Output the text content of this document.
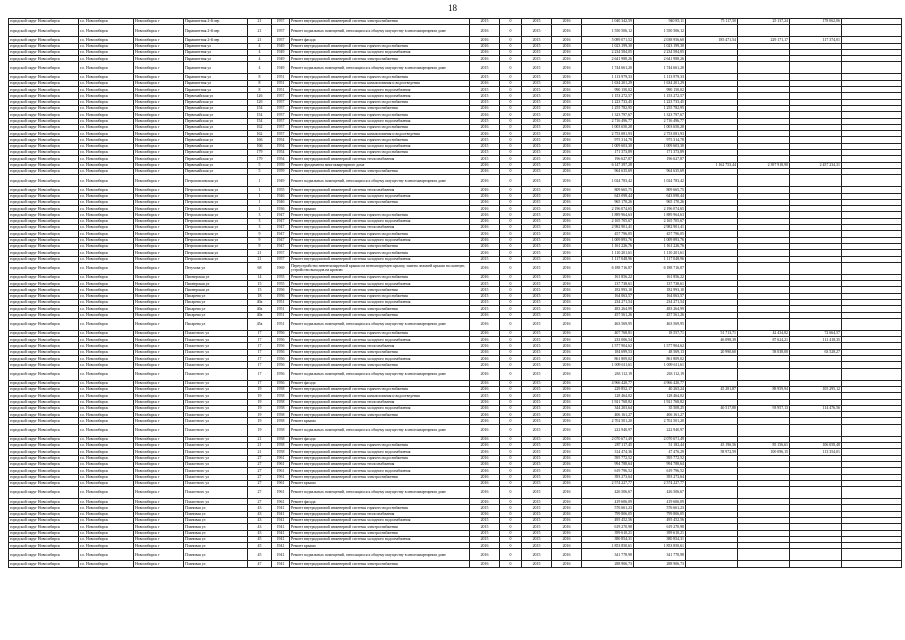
18
городской округ Новосибирск	г.о. Новосибирск	Новосибирск г	Парашютная 2-й пер	21	1957	Ремонт внутридомовой инженерной системы электроснабжения	2015	0	2015	2016	1 040 342,59	940 85,11	75 117,50	25 137,24	178 062,06	
городской округ Новосибирск	г.о. Новосибирск	Новосибирск г	Парашютная 2-й пер	21	1957	Ремонт подвальных помещений, относящихся к общему имуществу в многоквартирном доме	2016	0	2015	2016	1 550 506,12	1 550 506,12				
городской округ Новосибирск	г.о. Новосибирск	Новосибирск г	Парашютная 2-й пер	21	1957	Ремонт фасада	2016	0	2015	2016	5 089 071,52	2 038 956,60	185 471,54	229 171,17	117 374,01	
городской округ Новосибирск	г.о. Новосибирск	Новосибирск г	Парашютная ул	4	1949	Ремонт внутридомовой инженерной системы горячего водоснабжения	2016	0	2015	2016	1 023 199,30	1 023 199,30				
городской округ Новосибирск	г.о. Новосибирск	Новосибирск г	Парашютная ул	4	1949	Ремонт внутридомовой инженерной системы холодного водоснабжения	2016	0	2015	2016	2 234 584,05	2 234 584,05				
городской округ Новосибирск	г.о. Новосибирск	Новосибирск г	Парашютная ул	4	1949	Ремонт внутридомовой инженерной системы электроснабжения	2016	0	2015	2016	2 641 988,26	2 641 988,26				
городской округ Новосибирск	г.о. Новосибирск	Новосибирск г	Парашютная ул	4	1949	Ремонт подвальных помещений, относящихся к общему имуществу в многоквартирном доме	2015	0	2015	2016	1 744 661,20	1 744 661,20				
городской округ Новосибирск	г.о. Новосибирск	Новосибирск г	Парашютная ул	8	1951	Ремонт внутридомовой инженерной системы горячего водоснабжения	2015	0	2015	2016	1 113 979,33	1 113 979,33				
городской округ Новосибирск	г.о. Новосибирск	Новосибирск г	Парашютная ул	8	1951	Ремонт внутридомовой инженерной системы канализования и водоотведения	2016	0	2015	2016	1 634 201,29	1 634 201,29				
городской округ Новосибирск	г.о. Новосибирск	Новосибирск г	Парашютная ул	8	1951	Ремонт внутридомовой инженерной системы холодного водоснабжения	2015	0	2015	2016	990 150,02	990 150,02				
городской округ Новосибирск	г.о. Новосибирск	Новосибирск г	Первомайская ул	126	1957	Ремонт внутридомовой инженерной системы холодного водоснабжения	2015	0	2015	2016	1 153 272,57	1 153 272,57				
городской округ Новосибирск	г.о. Новосибирск	Новосибирск г	Первомайская ул	126	1957	Ремонт внутридомовой инженерной системы горячего водоснабжения	2015	0	2015	2016	1 223 733,45	1 223 733,45				
городской округ Новосибирск	г.о. Новосибирск	Новосибирск г	Первомайская ул	154	1957	Ремонт внутридомовой инженерной системы электроснабжения	2016	0	2015	2016	1 255 782,95	1 255 782,95				
городской округ Новосибирск	г.о. Новосибирск	Новосибирск г	Первомайская ул	154	1957	Ремонт внутридомовой инженерной системы горячего водоснабжения	2016	0	2015	2016	1 323 797,67	1 323 797,67				
городской округ Новосибирск	г.о. Новосибирск	Новосибирск г	Первомайская ул	154	1957	Ремонт внутридомовой инженерной системы холодного водоснабжения	2015	0	2015	2016	2 716 496,77	2 716 496,77				
городской округ Новосибирск	г.о. Новосибирск	Новосибирск г	Первомайская ул	162	1957	Ремонт внутридомовой инженерной системы горячего водоснабжения	2016	0	2015	2016	1 003 650,28	1 003 650,28				
городской округ Новосибирск	г.о. Новосибирск	Новосибирск г	Первомайская ул	162	1957	Ремонт внутридомовой инженерной системы канализования и водоотведения	2016	0	2015	2016	2 753 081,93	2 753 081,93				
городской округ Новосибирск	г.о. Новосибирск	Новосибирск г	Первомайская ул	166	1954	Ремонт внутридомовой инженерной системы горячего водоснабжения	2015	0	2015	2016	975 314,78	975 314,78				
городской округ Новосибирск	г.о. Новосибирск	Новосибирск г	Первомайская ул	166	1954	Ремонт внутридомовой инженерной системы холодного водоснабжения	2015	0	2015	2016	1 009 603,30	1 009 603,30				
городской округ Новосибирск	г.о. Новосибирск	Новосибирск г	Первомайская ул	179	1954	Ремонт внутридомовой инженерной системы горячего водоснабжения	2015	0	2015	2016	171 373,89	171 373,89				
городской округ Новосибирск	г.о. Новосибирск	Новосибирск г	Первомайская ул	179	1954	Ремонт внутридомовой инженерной системы теплоснабжения	2015	0	2015	2016	196 627,87	196 627,87				
городской округ Новосибирск	г.о. Новосибирск	Новосибирск г	Первомайская ул	5	1959	Ремонт фундамента многоквартирного дома	2016	0	2015	2016	6 147 397,28		1 162 753,44	2 397 918,90	2 457 234,31	
городской округ Новосибирск	г.о. Новосибирск	Новосибирск г	Первомайская ул	5	1959	Ремонт внутридомовой инженерной системы электроснабжения	2016	0	2015	2016	964 635,69	964 635,69				
городской округ Новосибирск	г.о. Новосибирск	Новосибирск г	Петропавловская ул	1	1949	Ремонт подвальных помещений, относящихся к общему имуществу в многоквартирном доме	2016	0	2015	2016	1 024 783,42	1 024 783,42				
городской округ Новосибирск	г.о. Новосибирск	Новосибирск г	Петропавловская ул	1	1955	Ремонт внутридомовой инженерной системы теплоснабжения	2016	0	2015	2016	809 665,75	809 665,75				
городской округ Новосибирск	г.о. Новосибирск	Новосибирск г	Петропавловская ул	1	1946	Ремонт внутридомовой инженерной системы холодного водоснабжения	2016	0	2015	2016	643 098,44	643 098,44				
городской округ Новосибирск	г.о. Новосибирск	Новосибирск г	Петропавловская ул	1	1946	Ремонт внутридомовой инженерной системы электроснабжения	2016	0	2015	2016	965 170,26	965 170,26				
городской округ Новосибирск	г.о. Новосибирск	Новосибирск г	Петропавловская ул	1	1936	Ремонт крыши	2016	0	2015	2016	2 196 074,65	2 196 074,65				
городской округ Новосибирск	г.о. Новосибирск	Новосибирск г	Петропавловская ул	3	1947	Ремонт внутридомовой инженерной системы горячего водоснабжения	2016	0	2015	2016	1 889 964,63	1 889 964,63				
городской округ Новосибирск	г.о. Новосибирск	Новосибирск г	Петропавловская ул	3	1947	Ремонт внутридомовой инженерной системы холодного водоснабжения	2016	0	2015	2016	2 165 705,67	2 165 705,67				
городской округ Новосибирск	г.о. Новосибирск	Новосибирск г	Петропавловская ул	3	1947	Ремонт внутридомовой инженерной системы теплоснабжения	2016	0	2015	2016	2 982 901,41	2 982 901,41				
городской округ Новосибирск	г.о. Новосибирск	Новосибирск г	Петропавловская ул	9	1947	Ремонт внутридомовой инженерной системы горячего водоснабжения	2016	0	2015	2016	457 796,05	457 796,05				
городской округ Новосибирск	г.о. Новосибирск	Новосибирск г	Петропавловская ул	9	1947	Ремонт внутридомовой инженерной системы холодного водоснабжения	2016	0	2015	2016	1 009 893,76	1 009 893,76				
городской округ Новосибирск	г.о. Новосибирск	Новосибирск г	Петропавловская ул	9	1947	Ремонт внутридомовой инженерной системы электроснабжения	2016	0	2015	2016	1 161 226,76	1 161 226,76				
городской округ Новосибирск	г.о. Новосибирск	Новосибирск г	Петропавловская ул	21	1957	Ремонт внутридомовой инженерной системы горячего водоснабжения	2016	0	2015	2016	1 110 201,61	1 110 201,61				
городской округ Новосибирск	г.о. Новосибирск	Новосибирск г	Петропавловская ул	21	1957	Ремонт внутридомовой инженерной системы холодного водоснабжения	2015	0	2015	2016	1 117 048,96	1 117 048,96				
городской округ Новосибирск	г.о. Новосибирск	Новосибирск г	Петухова ул	68	1969	Переустройство невентилируемой крыши на вентилируемую крышу, замена лежачей крыши на скатную, устройство выходов на кровлю	2016	0	2015	2016	6 188 716,87	6 188 716,87				
городской округ Новосибирск	г.о. Новосибирск	Новосибирск г	Пионерская ул	14	1955	Ремонт внутридомовой инженерной системы горячего водоснабжения	2016	0	2015	2016	161 856,22	161 856,22				
городской округ Новосибирск	г.о. Новосибирск	Новосибирск г	Пионерская ул	15	1955	Ремонт внутридомовой инженерной системы холодного водоснабжения	2015	0	2015	2016	137 738,61	137 738,61				
городской округ Новосибирск	г.о. Новосибирск	Новосибирск г	Пионерская ул	15	1956	Ремонт внутридомовой инженерной системы электроснабжения	2015	0	2015	2016	182 993,10	182 993,10				
городской округ Новосибирск	г.о. Новосибирск	Новосибирск г	Писарева ул	18	1956	Ремонт внутридомовой инженерной системы горячего водоснабжения	2015	0	2015	2016	164 063,57	164 063,57				
городской округ Новосибирск	г.о. Новосибирск	Новосибирск г	Писарева ул	40а	1951	Ремонт внутридомовой инженерной системы холодного водоснабжения	2015	0	2015	2016	234 271,54	234 271,54				
городской округ Новосибирск	г.о. Новосибирск	Новосибирск г	Писарева ул	40а	1951	Ремонт внутридомовой инженерной системы электроснабжения	2015	0	2015	2016	483 264,99	483 264,99				
городской округ Новосибирск	г.о. Новосибирск	Новосибирск г	Писарева ул	40а	1951	Ремонт внутридомовой инженерной системы электроснабжения	2016	0	2015	2016	457 561,26	457 561,26				
городской округ Новосибирск	г.о. Новосибирск	Новосибирск г	Писарева ул	45а	1951	Ремонт подвальных помещений, относящихся к общему имуществу в многоквартирном доме	2016	0	2015	2016	463 569,95	463 569,95				
городской округ Новосибирск	г.о. Новосибирск	Новосибирск г	Плахотного ул	17	1956	Ремонт внутридомовой инженерной системы горячего водоснабжения	2016	0	2015	2016	407 768,81	18 557,71	51 713,71	42 434,82	72 664,57	
городской округ Новосибирск	г.о. Новосибирск	Новосибирск г	Плахотного ул	17	1956	Ремонт внутридомовой инженерной системы холодного водоснабжения	2016	0	2015	2016	233 006,54		46 098,39	87 624,21	111 418,35	
городской округ Новосибирск	г.о. Новосибирск	Новосибирск г	Плахотного ул	17	1956	Ремонт внутридомовой инженерной системы теплоснабжения	2016	0	2015	2016	1 577 904,62	1 577 904,62				
городской округ Новосибирск	г.о. Новосибирск	Новосибирск г	Плахотного ул	17	1956	Ремонт внутридомовой инженерной системы электроснабжения	2016	0	2015	2016	184 699,53	48 569,13	20 990,60	58 038,00	63 528,27	
городской округ Новосибирск	г.о. Новосибирск	Новосибирск г	Плахотного ул	17	1956	Ремонт внутридомовой инженерной системы холодного водоснабжения	2016	0	2015	2016	861 809,02	861 809,02				
городской округ Новосибирск	г.о. Новосибирск	Новосибирск г	Плахотного ул	17	1956	Ремонт внутридомовой инженерной системы электроснабжения	2016	0	2015	2016	1 009 611,61	1 009 611,61				
городской округ Новосибирск	г.о. Новосибирск	Новосибирск г	Плахотного ул	17	1956	Ремонт подвальных помещений, относящихся к общему имуществу в многоквартирном доме	2016	0	2015	2016	263 112,19	263 112,19				
городской округ Новосибирск	г.о. Новосибирск	Новосибирск г	Плахотного ул	17	1956	Ремонт фасада	2016	0	2015	2016	4 966 420,77	4 966 420,77				
городской округ Новосибирск	г.о. Новосибирск	Новосибирск г	Плахотного ул	19	1958	Ремонт внутридомовой инженерной системы горячего водоснабжения	2016	0	2015	2016	229 852,17	40 265,24	45 281,87	88 959,94	105 295,12	
городской округ Новосибирск	г.о. Новосибирск	Новосибирск г	Плахотного ул	19	1958	Ремонт внутридомовой инженерной системы канализования и водоотведения	2015	0	2015	2016	128 464,02	128 464,02				
городской округ Новосибирск	г.о. Новосибирск	Новосибирск г	Плахотного ул	19	1958	Ремонт внутридомовой инженерной системы теплоснабжения	2016	0	2015	2016	1 921 768,82	1 921 768,82				
городской округ Новосибирск	г.о. Новосибирск	Новосибирск г	Плахотного ул	19	1958	Ремонт внутридомовой инженерной системы холодного водоснабжения	2016	0	2015	2016	344 203,64	35 508,25	40 517,80	93 957,13	114 476,56	
городской округ Новосибирск	г.о. Новосибирск	Новосибирск г	Плахотного ул	19	1958	Ремонт внутридомовой инженерной системы электроснабжения	2016	0	2015	2016	406 161,27	406 161,27				
городской округ Новосибирск	г.о. Новосибирск	Новосибирск г	Плахотного ул	19	1958	Ремонт крыши	2016	0	2015	2016	2 702 501,20	2 702 501,20				
городской округ Новосибирск	г.о. Новосибирск	Новосибирск г	Плахотного ул	19	1958	Ремонт подвальных помещений, относящихся к общему имуществу в многоквартирном доме	2016	0	2015	2016	222 940,97	222 940,97				
городской округ Новосибирск	г.о. Новосибирск	Новосибирск г	Плахотного ул	21	1958	Ремонт фасада	2016	0	2015	2016	2 070 671,49	2 070 671,49				
городской округ Новосибирск	г.о. Новосибирск	Новосибирск г	Плахотного ул	21	1958	Ремонт внутридомовой инженерной системы горячего водоснабжения	2016	0	2015	2016	287 117,45	51 182,44	45 196,56	85 156,61	106 058,48	
городской округ Новосибирск	г.о. Новосибирск	Новосибирск г	Плахотного ул	21	1958	Ремонт внутридомовой инженерной системы холодного водоснабжения	2016	0	2015	2016	314 474,36	47 476,29	58 972,59	100 096,15	113 354,01	
городской округ Новосибирск	г.о. Новосибирск	Новосибирск г	Плахотного ул	27	1961	Ремонт внутридомовой инженерной системы горячего водоснабжения	2016	0	2015	2016	595 772,52	595 772,52				
городской округ Новосибирск	г.о. Новосибирск	Новосибирск г	Плахотного ул	27	1961	Ремонт внутридомовой инженерной системы теплоснабжения	2016	0	2015	2016	994 788,64	994 788,64				
городской округ Новосибирск	г.о. Новосибирск	Новосибирск г	Плахотного ул	27	1961	Ремонт внутридомовой инженерной системы холодного водоснабжения	2016	0	2015	2016	619 796,52	619 796,52				
городской округ Новосибирск	г.о. Новосибирск	Новосибирск г	Плахотного ул	27	1961	Ремонт внутридомовой инженерной системы электроснабжения	2016	0	2015	2016	393 273,64	393 273,64				
городской округ Новосибирск	г.о. Новосибирск	Новосибирск г	Плахотного ул	27	1961	Ремонт крыши	2016	0	2015	2016	2 574 227,77	2 574 227,77				
городской округ Новосибирск	г.о. Новосибирск	Новосибирск г	Плахотного ул	27	1961	Ремонт подвальных помещений, относящихся к общему имуществу в многоквартирном доме	2016	0	2015	2016	426 506,67	426 506,67				
городской округ Новосибирск	г.о. Новосибирск	Новосибирск г	Плахотного ул	27	1961	Ремонт фасада	2016	0	2015	2016	419 606,09	419 606,09				
городской округ Новосибирск	г.о. Новосибирск	Новосибирск г	Плановая ул	43	1941	Ремонт внутридомовой инженерной системы горячего водоснабжения	2015	0	2015	2016	576 661,23	576 661,23				
городской округ Новосибирск	г.о. Новосибирск	Новосибирск г	Плановая ул	43	1941	Ремонт внутридомовой инженерной системы теплоснабжения	2016	0	2015	2016	799 806,05	799 806,05				
городской округ Новосибирск	г.о. Новосибирск	Новосибирск г	Плановая ул	43	1941	Ремонт внутридомовой инженерной системы холодного водоснабжения	2015	0	2015	2016	495 452,56	495 452,56				
городской округ Новосибирск	г.о. Новосибирск	Новосибирск г	Плановая ул	43	1941	Ремонт внутридомовой инженерной системы электроснабжения	2015	0	2015	2016	619 270,98	619 270,98				
городской округ Новосибирск	г.о. Новосибирск	Новосибирск г	Плановая ул	43	1941	Ремонт внутридомовой инженерной системы электроснабжения	2015	0	2015	2016	399 610,21	399 610,21				
городской округ Новосибирск	г.о. Новосибирск	Новосибирск г	Плановая ул	45	1941	Ремонт внутридомовой инженерной системы холодного водоснабжения	2015	0	2015	2016	380 854,31	380 854,31				
городской округ Новосибирск	г.о. Новосибирск	Новосибирск г	Плановая ул	45	1941	Ремонт крыши	2016	0	2015	2016	1 853 850,61	1 853 850,61				
городской округ Новосибирск	г.о. Новосибирск	Новосибирск г	Плановая ул	45	1941	Ремонт подвальных помещений, относящихся к общему имуществу в многоквартирном доме	2016	0	2015	2016	341 778,98	341 778,98				
городской округ Новосибирск	г.о. Новосибирск	Новосибирск г	Плановая ул	47	1941	Ремонт внутридомовой инженерной системы электроснабжения	2016	0	2015	2016	288 906,73	288 906,73				
